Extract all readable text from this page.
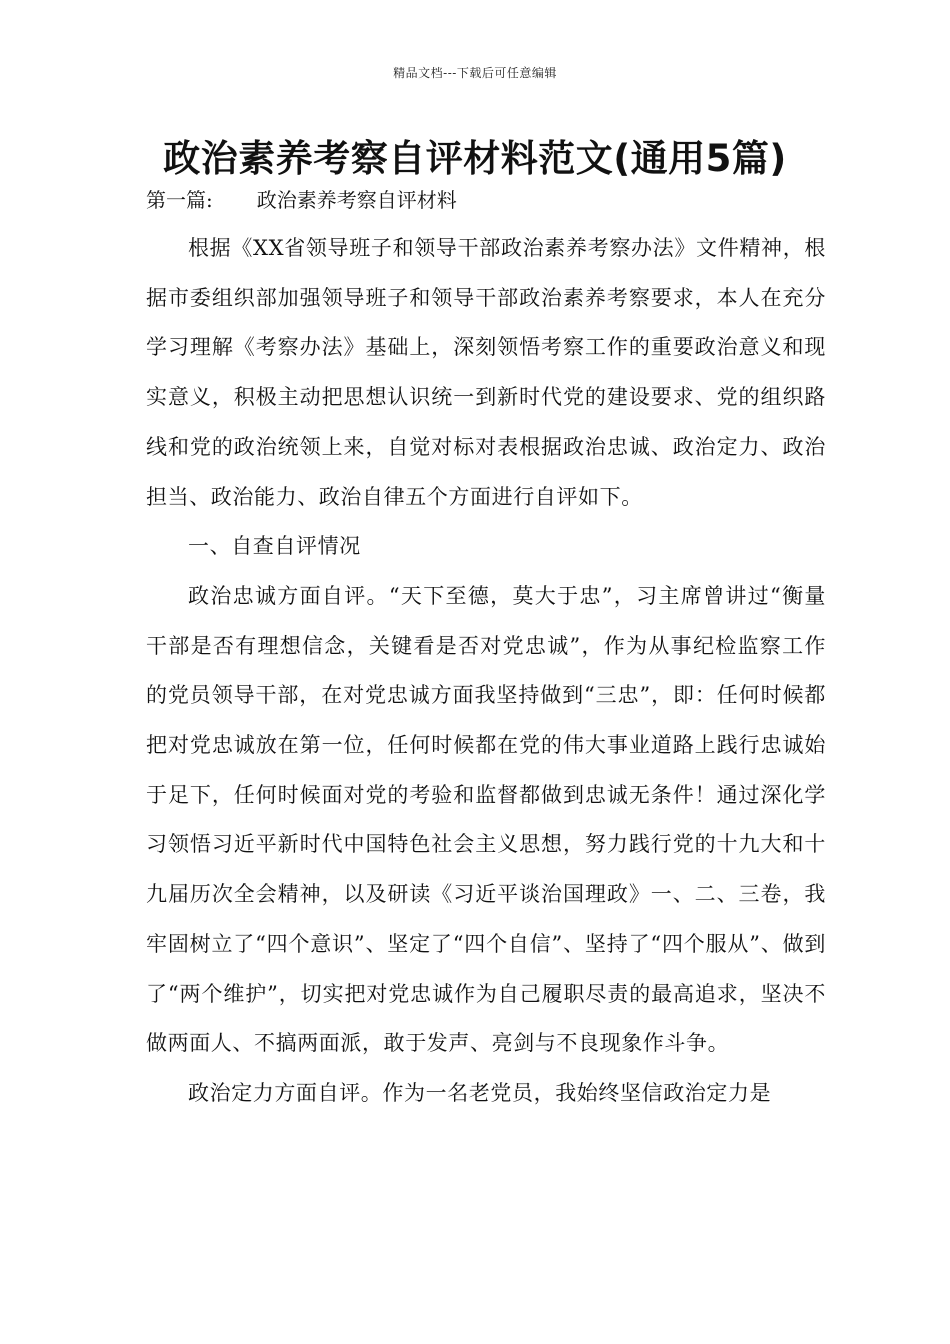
精品文档---下载后可任意编辑
政治素养考察自评材料范文(通用5篇)
第一篇: 政治素养考察自评材料

根据《XX省领导班子和领导干部政治素养考察办法》文件精神，根据市委组织部加强领导班子和领导干部政治素养考察要求，本人在充分学习理解《考察办法》基础上，深刻领悟考察工作的重要政治意义和现实意义，积极主动把思想认识统一到新时代党的建设要求、党的组织路线和党的政治统领上来，自觉对标对表根据政治忠诚、政治定力、政治担当、政治能力、政治自律五个方面进行自评如下。

一、自查自评情况

政治忠诚方面自评。“天下至德，莫大于忠”，习主席曾讲过“衡量干部是否有理想信念，关键看是否对党忠诚”，作为从事纪检监察工作的党员领导干部，在对党忠诚方面我坚持做到“三忠”，即：任何时候都把对党忠诚放在第一位，任何时候都在党的伟大事业道路上践行忠诚始于足下，任何时候面对党的考验和监督都做到忠诚无条件！通过深化学习领悟习近平新时代中国特色社会主义思想，努力践行党的十九大和十九届历次全会精神，以及研读《习近平谈治国理政》一、二、三卷，我牢固树立了“四个意识”、坚定了“四个自信”、坚持了“四个服从”、做到了“两个维护”，切实把对党忠诚作为自己履职尽责的最高追求，坚决不做两面人、不搞两面派，敢于发声、亮剑与不良现象作斗争。

政治定力方面自评。作为一名老党员，我始终坚信政治定力是
